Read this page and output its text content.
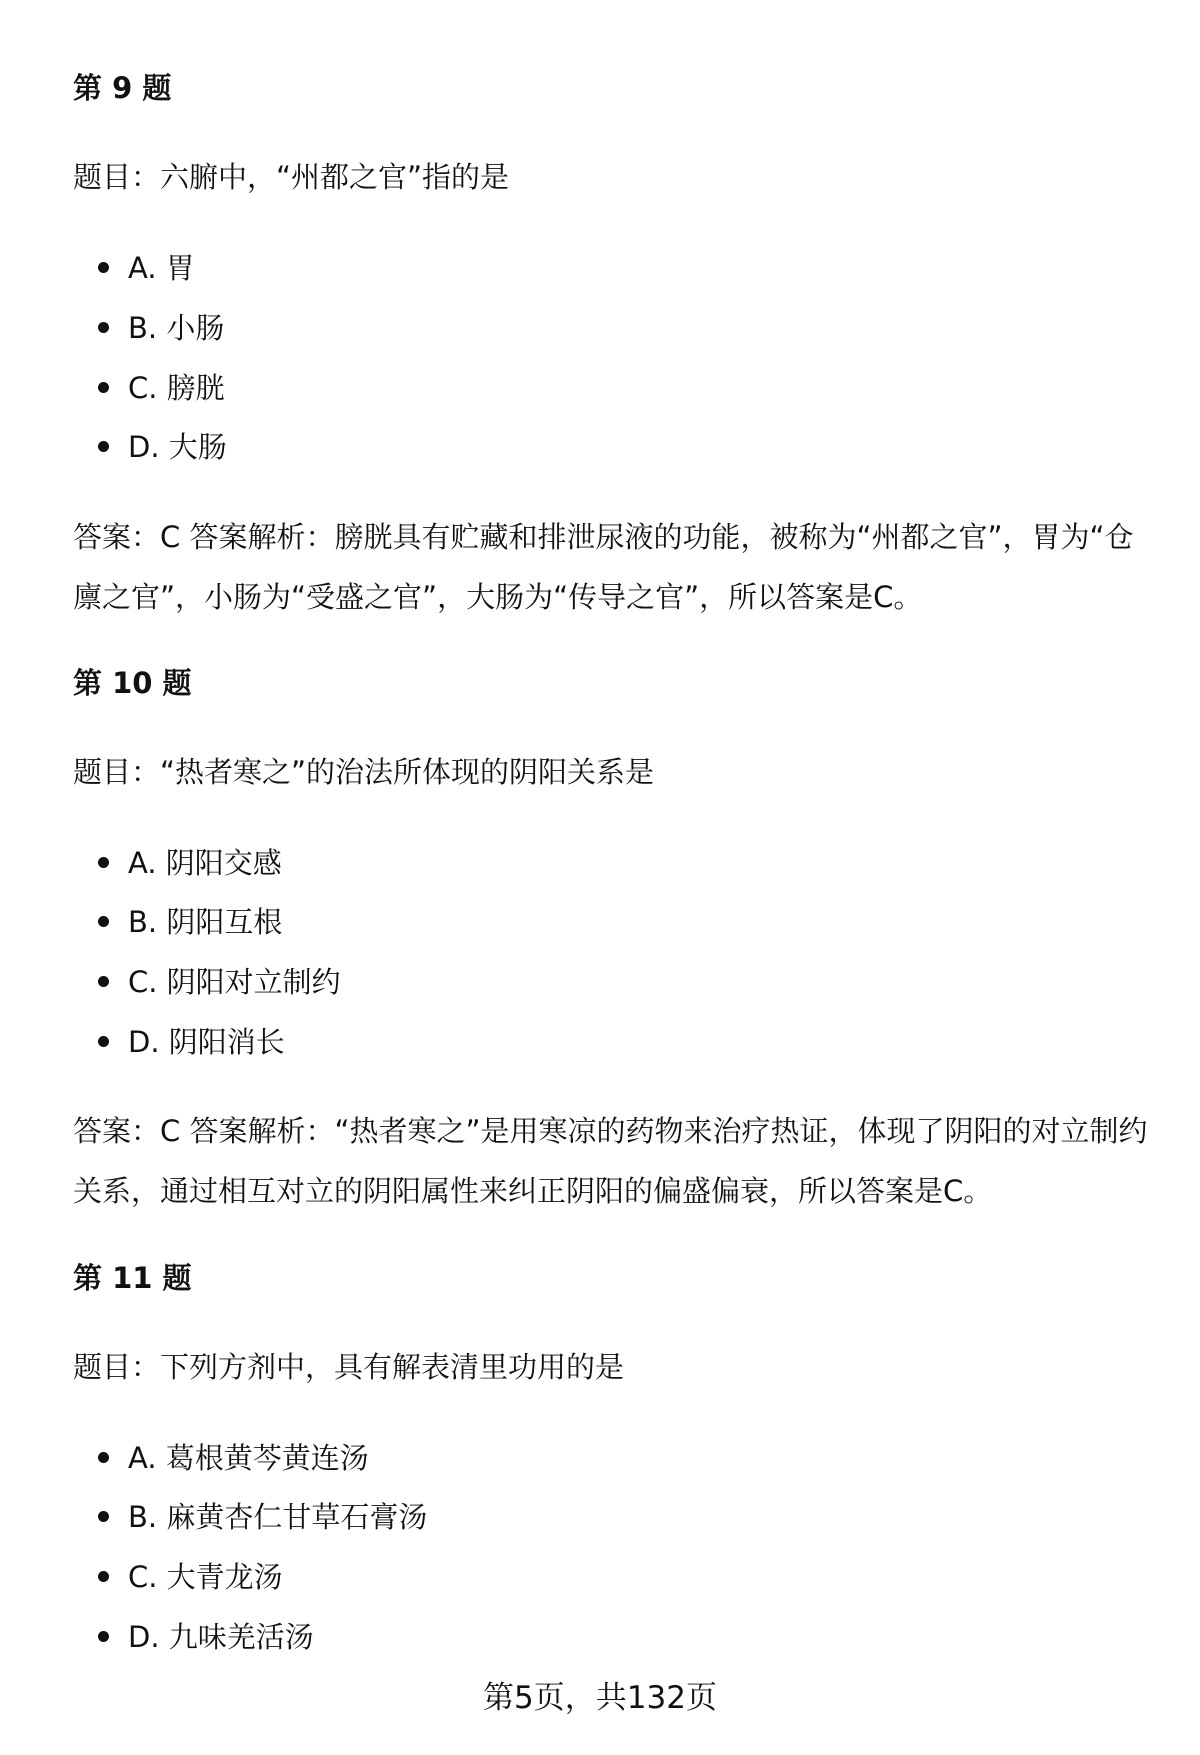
第 9 题

题目：六腑中，“州都之官”指的是

A. 胃
B. 小肠
C. 膀胱
D. 大肠

答案：C 答案解析：膀胱具有贮藏和排泄尿液的功能，被称为“州都之官”，胃为“仓廪之官”，小肠为“受盛之官”，大肠为“传导之官”，所以答案是C。

第 10 题

题目：“热者寒之”的治法所体现的阴阳关系是

A. 阴阳交感
B. 阴阳互根
C. 阴阳对立制约
D. 阴阳消长

答案：C 答案解析：“热者寒之”是用寒凉的药物来治疗热证，体现了阴阳的对立制约关系，通过相互对立的阴阳属性来纠正阴阳的偏盛偏衰，所以答案是C。

第 11 题

题目：下列方剂中，具有解表清里功用的是

A. 葛根黄芩黄连汤
B. 麻黄杏仁甘草石膏汤
C. 大青龙汤
D. 九味羌活汤
第5页，共132页
